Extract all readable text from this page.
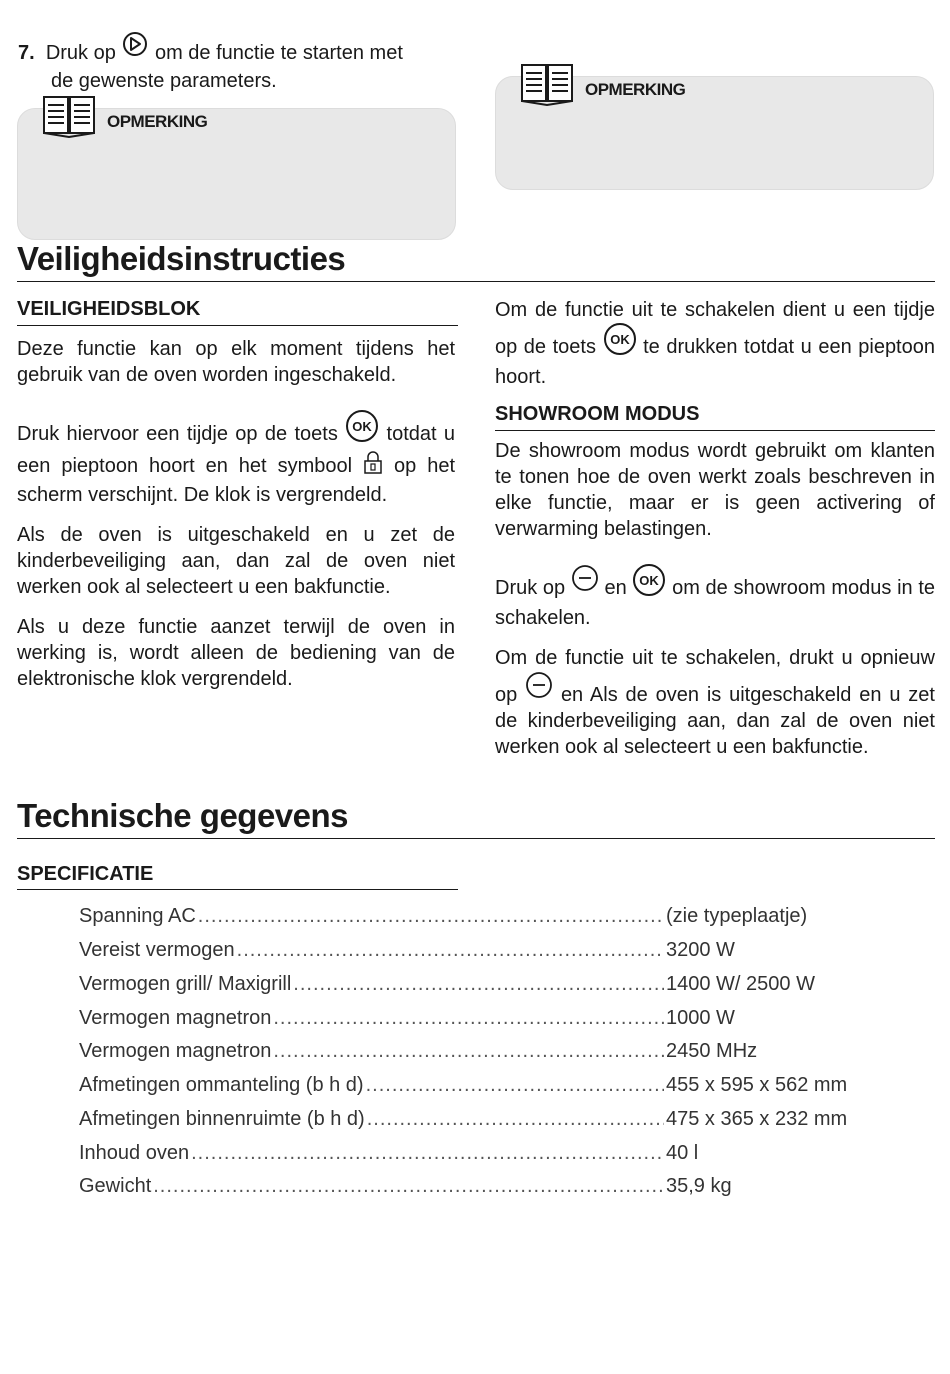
7. Druk op om de functie te starten met
de gewenste parameters.

OPMERKING
OPMERKING
Veiligheidsinstructies
VEILIGHEIDSBLOK

Deze functie kan op elk moment tijdens het gebruik van de oven worden ingeschakeld.

Druk hiervoor een tijdje op de toets OK totdat u een pieptoon hoort en het symbool op het scherm verschijnt. De klok is vergrendeld.

Als de oven is uitgeschakeld en u zet de kinderbeveiliging aan, dan zal de oven niet werken ook al selecteert u een bakfunctie.

Als u deze functie aanzet terwijl de oven in werking is, wordt alleen de bediening van de elektronische klok vergrendeld.

Om de functie uit te schakelen dient u een tijdje op de toets OK te drukken totdat u een pieptoon hoort.

SHOWROOM MODUS

De showroom modus wordt gebruikt om klanten te tonen hoe de oven werkt zoals beschreven in elke functie, maar er is geen activering of verwarming belastingen.

Druk op en OK om de showroom modus in te schakelen.

Om de functie uit te schakelen, drukt u opnieuw op en Als de oven is uitgeschakeld en u zet de kinderbeveiliging aan, dan zal de oven niet werken ook al selecteert u een bakfunctie.

Technische gegevens
SPECIFICATIE
Spanning AC .....	(zie typeplaatje)
Vereist vermogen .....	3200 W
Vermogen grill/ Maxigrill .....	1400 W/ 2500 W
Vermogen magnetron .....	1000 W
Vermogen magnetron .....	2450 MHz
Afmetingen ommanteling (b h d) .....	455 x 595 x 562 mm
Afmetingen binnenruimte (b h d) .....	475 x 365 x 232 mm
Inhoud oven .....	40 l
Gewicht .....	35,9 kg
